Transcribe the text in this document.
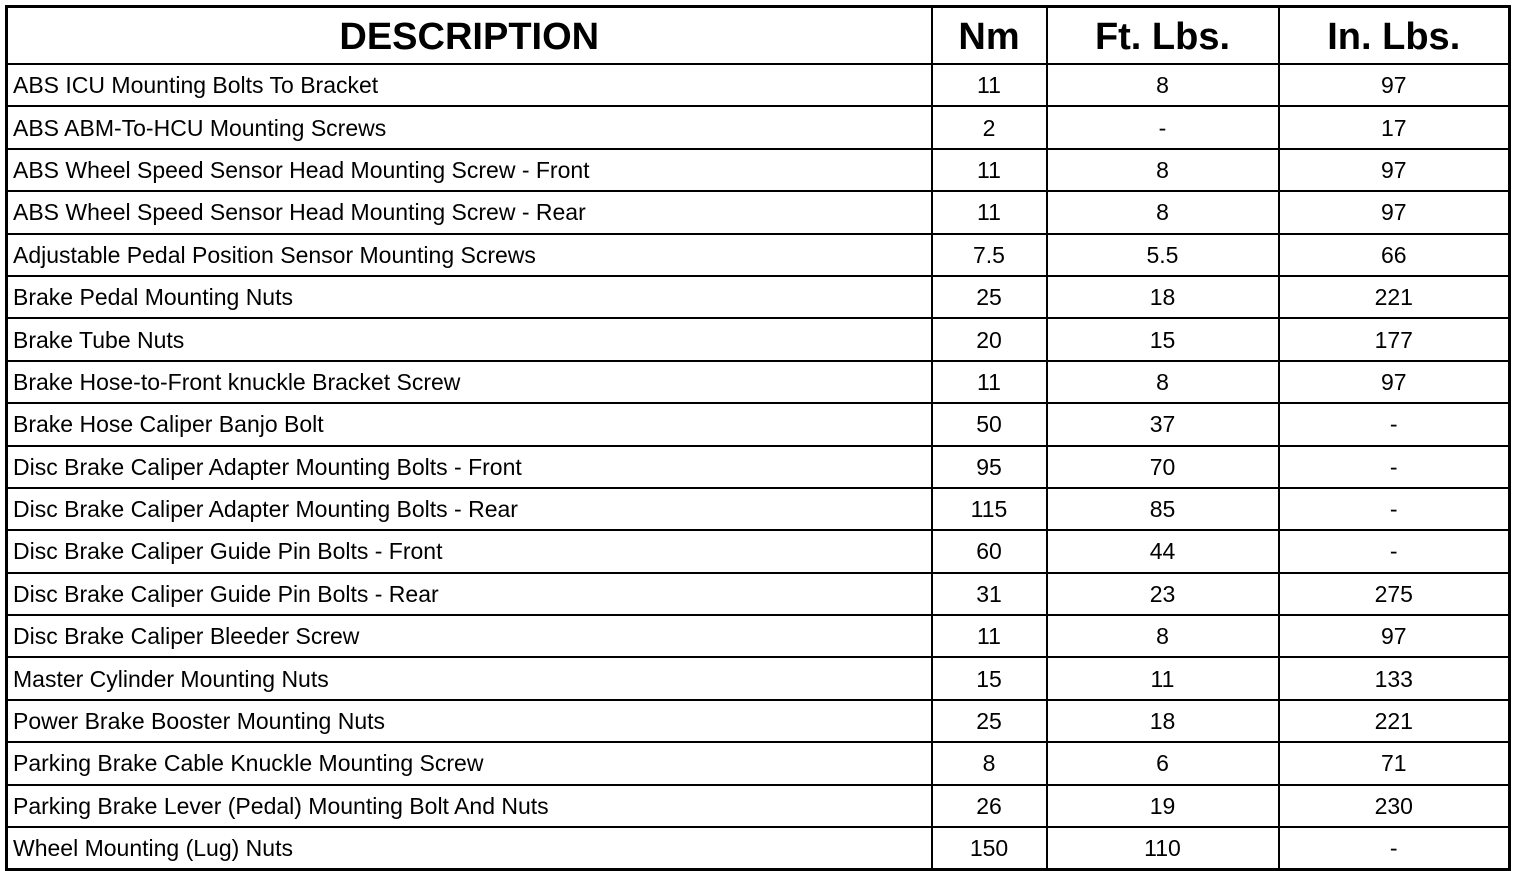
DESCRIPTION	Nm	Ft. Lbs.	In. Lbs.
ABS ICU Mounting Bolts To Bracket	11	8	97
ABS ABM-To-HCU Mounting Screws	2	-	17
ABS Wheel Speed Sensor Head Mounting Screw - Front	11	8	97
ABS Wheel Speed Sensor Head Mounting Screw - Rear	11	8	97
Adjustable Pedal Position Sensor Mounting Screws	7.5	5.5	66
Brake Pedal Mounting Nuts	25	18	221
Brake Tube Nuts	20	15	177
Brake Hose-to-Front knuckle Bracket Screw	11	8	97
Brake Hose Caliper Banjo Bolt	50	37	-
Disc Brake Caliper Adapter Mounting Bolts - Front	95	70	-
Disc Brake Caliper Adapter Mounting Bolts - Rear	115	85	-
Disc Brake Caliper Guide Pin Bolts - Front	60	44	-
Disc Brake Caliper Guide Pin Bolts - Rear	31	23	275
Disc Brake Caliper Bleeder Screw	11	8	97
Master Cylinder Mounting Nuts	15	11	133
Power Brake Booster Mounting Nuts	25	18	221
Parking Brake Cable Knuckle Mounting Screw	8	6	71
Parking Brake Lever (Pedal) Mounting Bolt And Nuts	26	19	230
Wheel Mounting (Lug) Nuts	150	110	-
